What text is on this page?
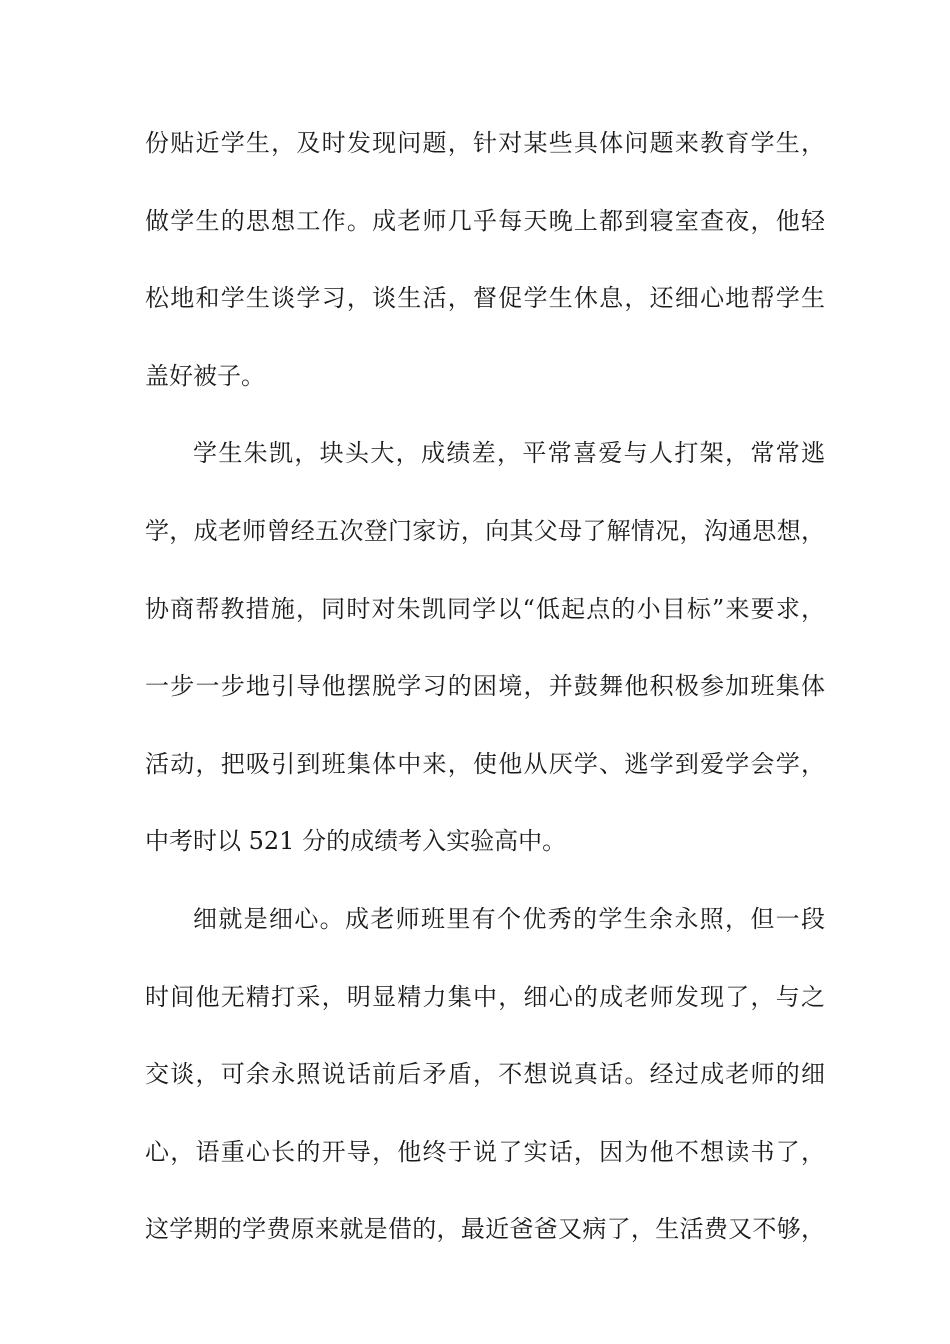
份贴近学生，及时发现问题，针对某些具体问题来教育学生，
做学生的思想工作。成老师几乎每天晚上都到寝室查夜，他轻
松地和学生谈学习，谈生活，督促学生休息，还细心地帮学生
盖好被子。
学生朱凯，块头大，成绩差，平常喜爱与人打架，常常逃
学，成老师曾经五次登门家访，向其父母了解情况，沟通思想，
协商帮教措施，同时对朱凯同学以“低起点的小目标”来要求，
一步一步地引导他摆脱学习的困境，并鼓舞他积极参加班集体
活动，把吸引到班集体中来，使他从厌学、逃学到爱学会学，
中考时以 521 分的成绩考入实验高中。
细就是细心。成老师班里有个优秀的学生余永照，但一段
时间他无精打采，明显精力集中，细心的成老师发现了，与之
交谈，可余永照说话前后矛盾，不想说真话。经过成老师的细
心，语重心长的开导，他终于说了实话，因为他不想读书了，
这学期的学费原来就是借的，最近爸爸又病了，生活费又不够，
